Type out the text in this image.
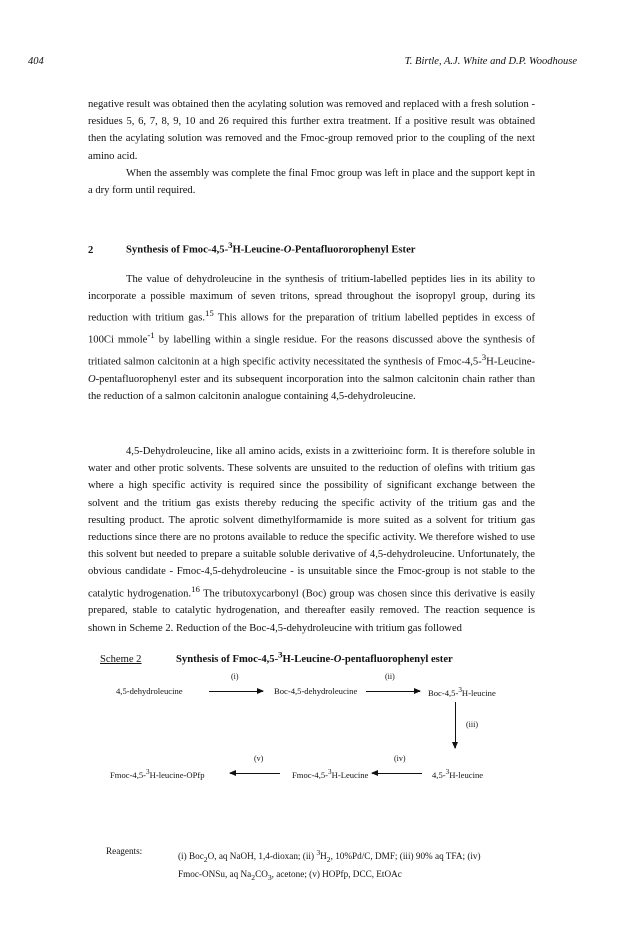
404	T. Birtle, A.J. White and D.P. Woodhouse

negative result was obtained then the acylating solution was removed and replaced with a fresh solution - residues 5, 6, 7, 8, 9, 10 and 26 required this further extra treatment. If a positive result was obtained then the acylating solution was removed and the Fmoc-group removed prior to the coupling of the next amino acid.

When the assembly was complete the final Fmoc group was left in place and the support kept in a dry form until required.

2	Synthesis of Fmoc-4,5-$^3$H-Leucine-O-Pentafluororophenyl Ester

The value of dehydroleucine in the synthesis of tritium-labelled peptides lies in its ability to incorporate a possible maximum of seven tritons, spread throughout the isopropyl group, during its reduction with tritium gas.$^{15}$ This allows for the preparation of tritium labelled peptides in excess of 100Ci mmole$^{-1}$ by labelling within a single residue. For the reasons discussed above the synthesis of tritiated salmon calcitonin at a high specific activity necessitated the synthesis of Fmoc-4,5-$^3$H-Leucine-O-pentafluorophenyl ester and its subsequent incorporation into the salmon calcitonin chain rather than the reduction of a salmon calcitonin analogue containing 4,5-dehydroleucine.

4,5-Dehydroleucine, like all amino acids, exists in a zwitterioinc form. It is therefore soluble in water and other protic solvents. These solvents are unsuited to the reduction of olefins with tritium gas where a high specific activity is required since the possibility of significant exchange between the solvent and the tritium gas exists thereby reducing the specific activity of the tritium gas and the resulting product. The aprotic solvent dimethylformamide is more suited as a solvent for tritium gas reductions since there are no protons available to reduce the specific activity. We therefore wished to use this solvent but needed to prepare a suitable soluble derivative of 4,5-dehydroleucine. Unfortunately, the obvious candidate - Fmoc-4,5-dehydroleucine - is unsuitable since the Fmoc-group is not stable to the catalytic hydrogenation.$^{16}$ The tributoxycarbonyl (Boc) group was chosen since this derivative is easily prepared, stable to catalytic hydrogenation, and thereafter easily removed. The reaction sequence is shown in Scheme 2. Reduction of the Boc-4,5-dehydroleucine with tritium gas followed

Scheme 2	Synthesis of Fmoc-4,5-$^3$H-Leucine-O-pentafluorophenyl ester
4,5-dehydroleucine
(i)
Boc-4,5-dehydroleucine
(ii)
Boc-4,5-$^3$H-leucine
(iii)
Fmoc-4,5-$^3$H-leucine-OPfp
(v)
Fmoc-4,5-$^3$H-Leucine
(iv)
4,5-$^3$H-leucine
Reagents:

(i) Boc$_2$O, aq NaOH, 1,4-dioxan; (ii) $^3H_2$, 10%Pd/C, DMF; (iii) 90% aq TFA; (iv) Fmoc-ONSu, aq $Na_2CO_3$, acetone; (v) HOPfp, DCC, EtOAc
